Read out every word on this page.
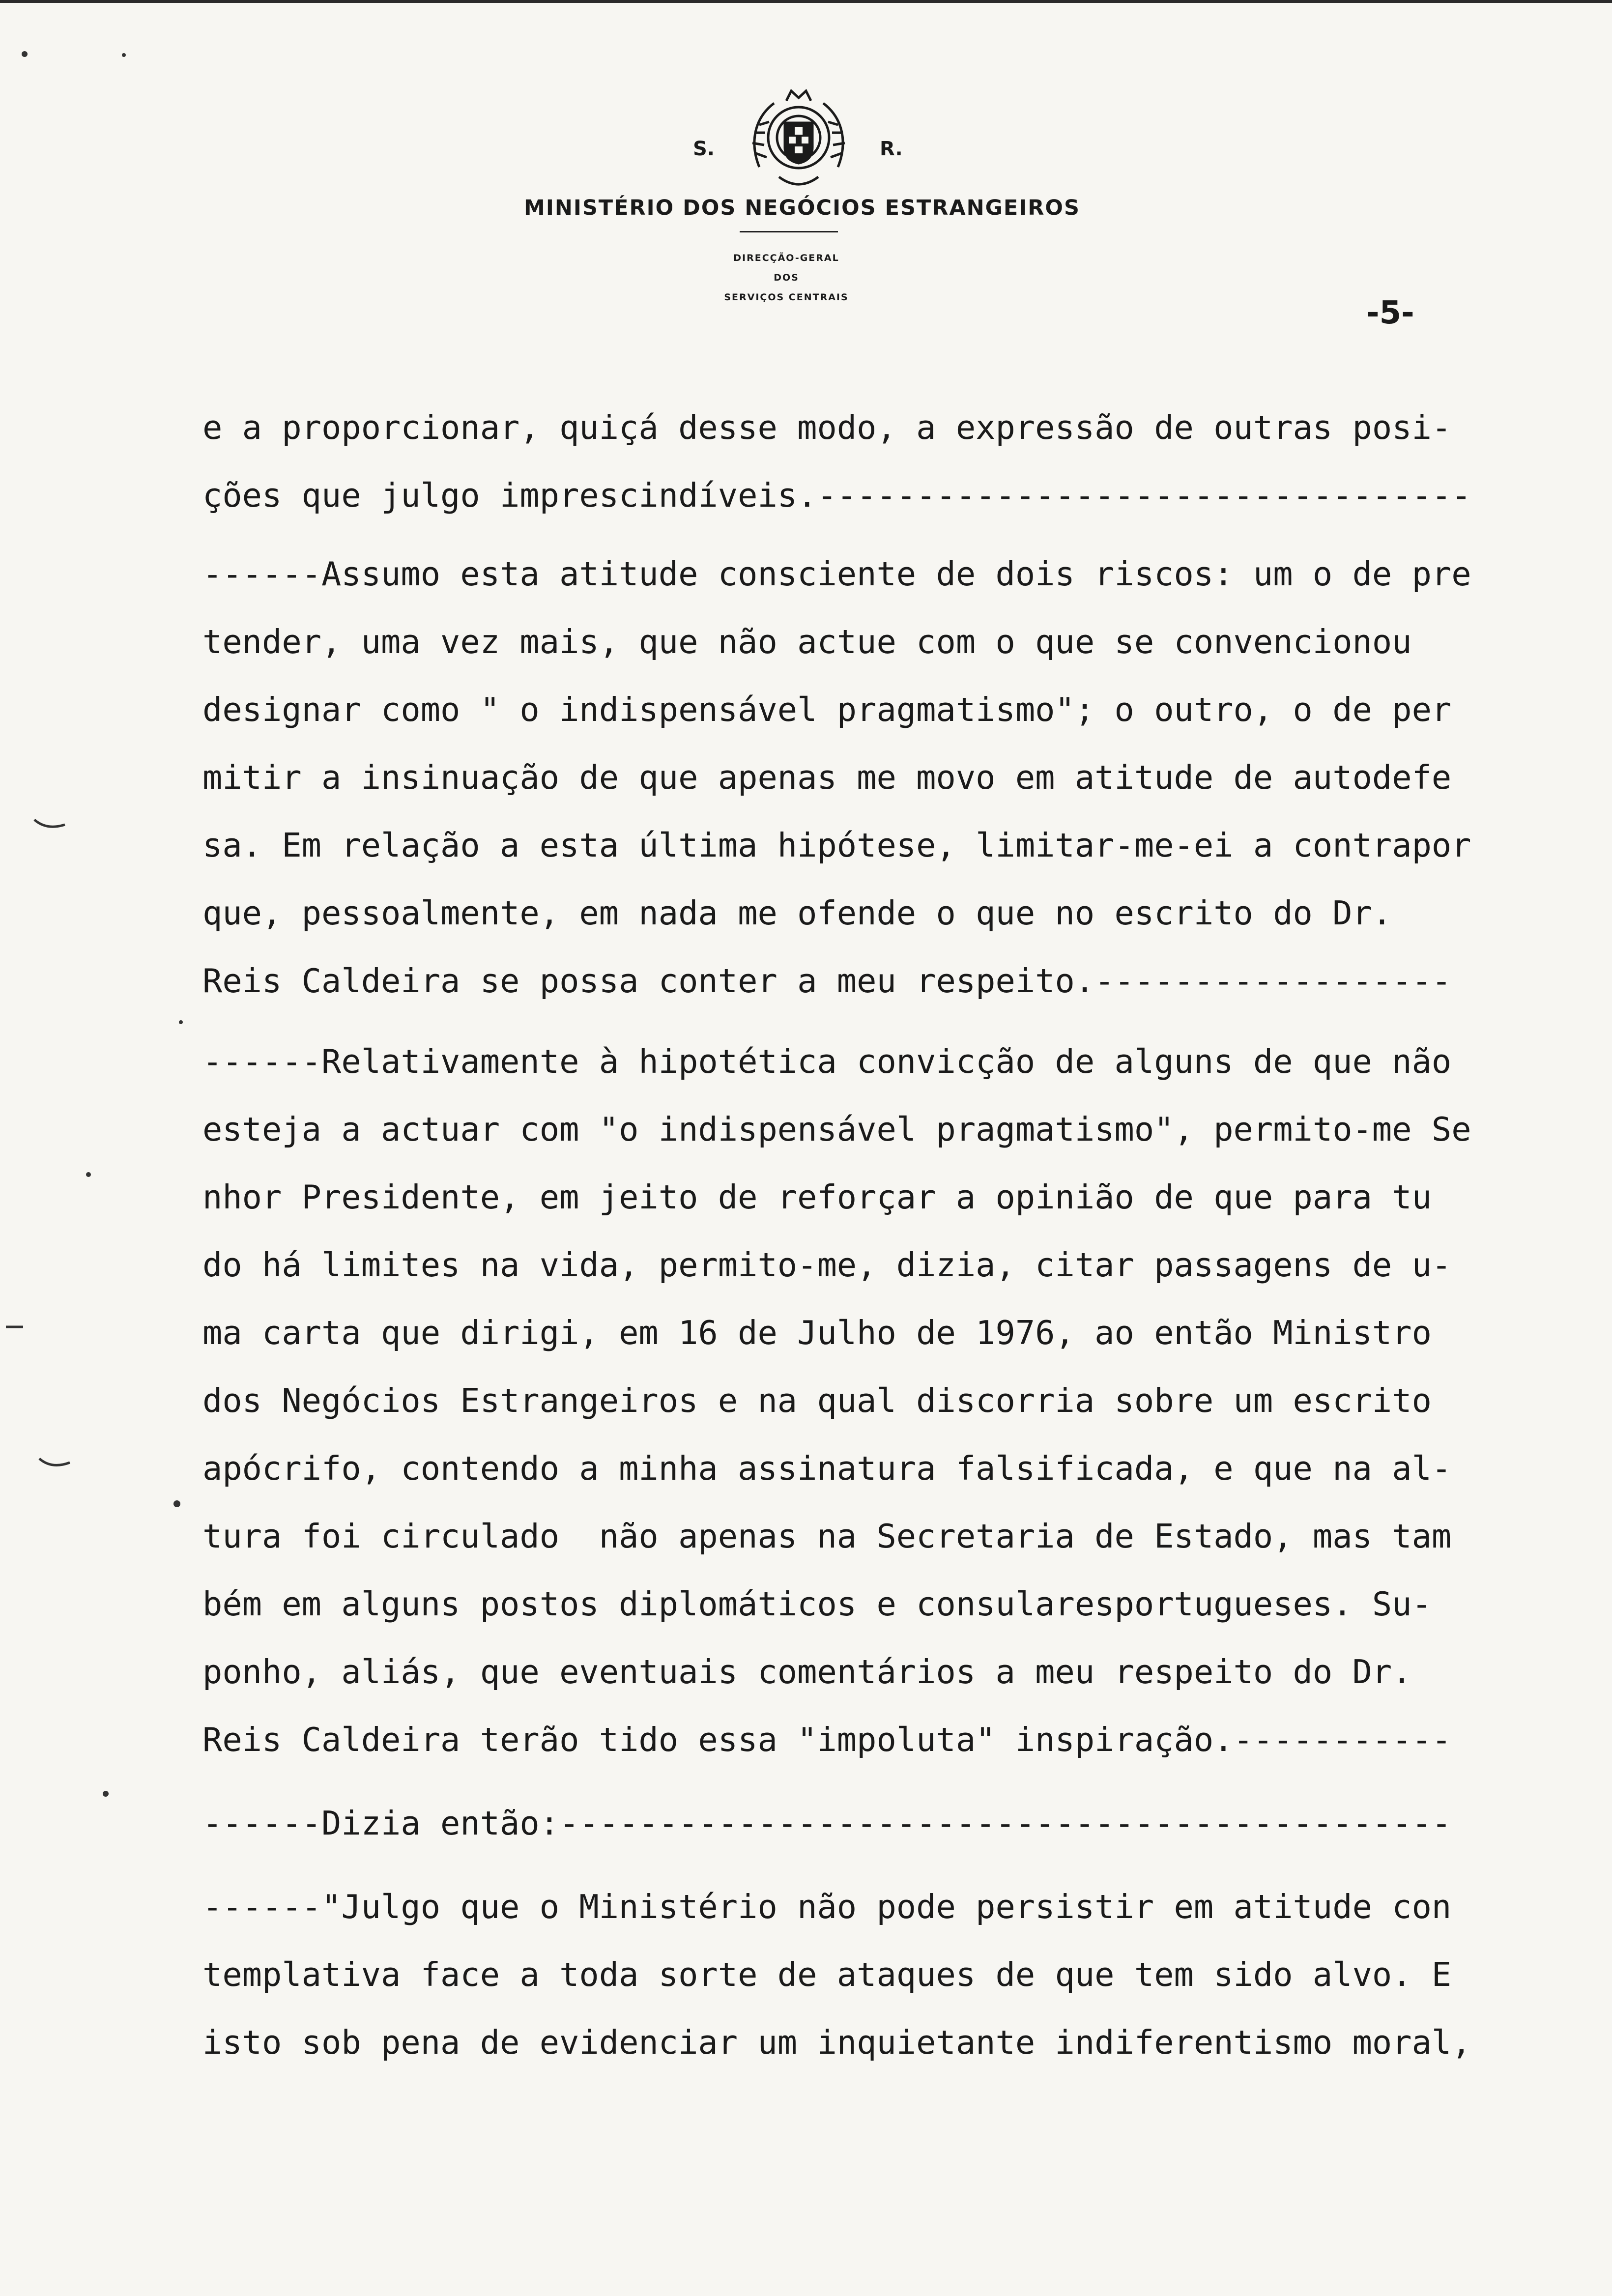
S.	R.
MINISTÉRIO DOS NEGÓCIOS ESTRANGEIROS
DIRECÇÃO-GERAL
DOS
SERVIÇOS CENTRAIS	-5-
e a proporcionar, quiçá desse modo, a expressão de outras posi-
ções que julgo imprescindíveis.---------------------------------
------Assumo esta atitude consciente de dois riscos: um o de pre
tender, uma vez mais, que não actue com o que se convencionou
designar como " o indispensável pragmatismo"; o outro, o de per
mitir a insinuação de que apenas me movo em atitude de autodefe
sa. Em relação a esta última hipótese, limitar-me-ei a contrapor
que, pessoalmente, em nada me ofende o que no escrito do Dr.
Reis Caldeira se possa conter a meu respeito.------------------
------Relativamente à hipotética convicção de alguns de que não
esteja a actuar com "o indispensável pragmatismo", permito-me Se
nhor Presidente, em jeito de reforçar a opinião de que para tu
do há limites na vida, permito-me, dizia, citar passagens de u-
ma carta que dirigi, em 16 de Julho de 1976, ao então Ministro
dos Negócios Estrangeiros e na qual discorria sobre um escrito
apócrifo, contendo a minha assinatura falsificada, e que na al-
tura foi circulado  não apenas na Secretaria de Estado, mas tam
bém em alguns postos diplomáticos e consularesportugueses. Su-
ponho, aliás, que eventuais comentários a meu respeito do Dr.
Reis Caldeira terão tido essa "impoluta" inspiração.-----------
------Dizia então:---------------------------------------------
------"Julgo que o Ministério não pode persistir em atitude con
templativa face a toda sorte de ataques de que tem sido alvo. E
isto sob pena de evidenciar um inquietante indiferentismo moral,
